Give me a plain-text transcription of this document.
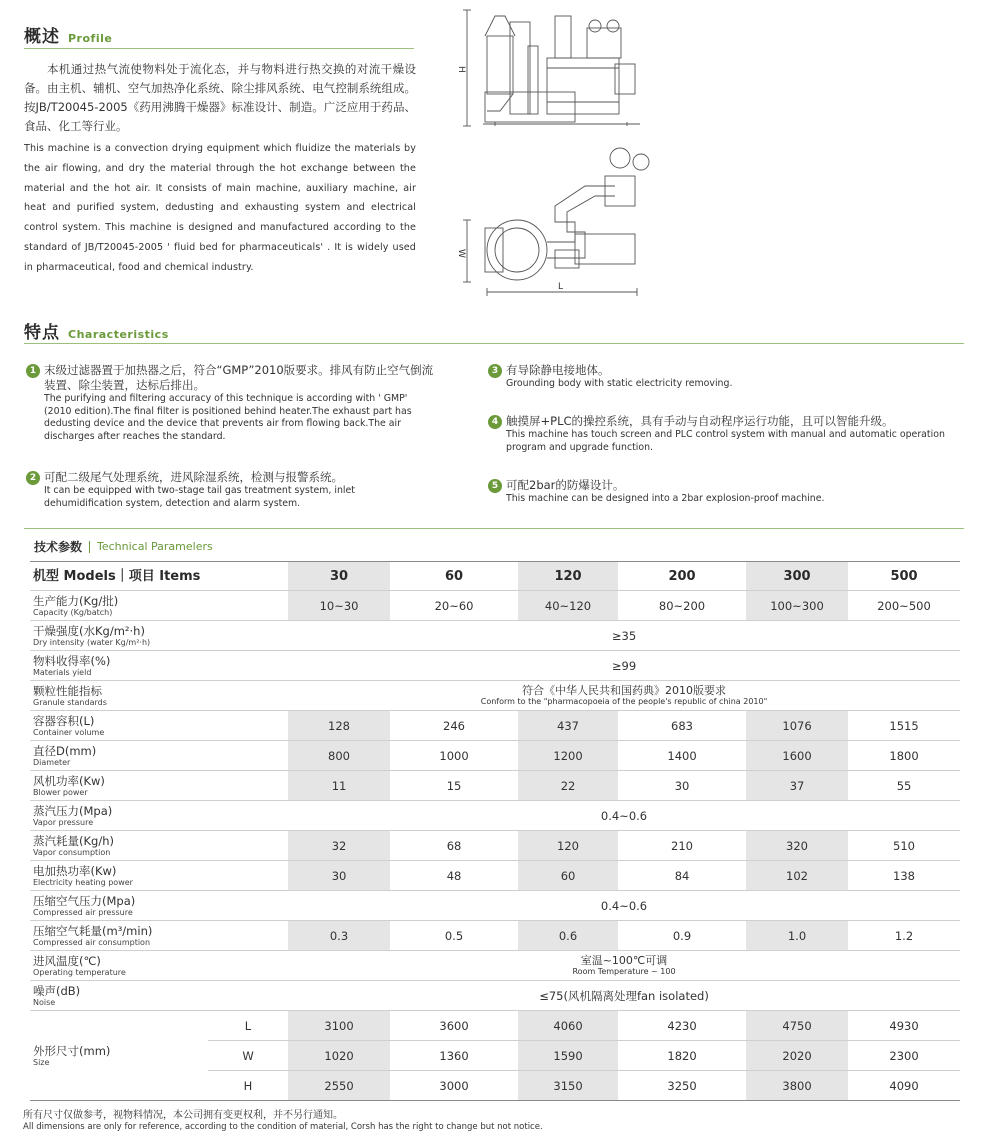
概述 Profile
本机通过热气流使物料处于流化态，并与物料进行热交换的对流干燥设备。由主机、辅机、空气加热净化系统、除尘排风系统、电气控制系统组成。按JB/T20045-2005《药用沸腾干燥器》标准设计、制造。广泛应用于药品、食品、化工等行业。
This machine is a convection drying equipment which fluidize the materials by the air flowing, and dry the material through the hot exchange between the material and the hot air. It consists of main machine, auxiliary machine, air heat and purified system, dedusting and exhausting system and electrical control system. This machine is designed and manufactured according to the standard of JB/T20045-2005 ' fluid bed for pharmaceuticals' . It is widely used in pharmaceutical, food and chemical industry.
H
W
L
特点 Characteristics
1 末级过滤器置于加热器之后，符合“GMP”2010版要求。排风有防止空气倒流装置、除尘装置，达标后排出。
The purifying and filtering accuracy of this technique is according with ' GMP' (2010 edition).The final filter is positioned behind heater.The exhaust part has dedusting device and the device that prevents air from flowing back.The air discharges after reaches the standard.
2 可配二级尾气处理系统，进风除湿系统，检测与报警系统。
It can be equipped with two-stage tail gas treatment system, inlet dehumidification system, detection and alarm system.
3 有导除静电接地体。
Grounding body with static electricity removing.
4 触摸屏+PLC的操控系统，具有手动与自动程序运行功能，且可以智能升级。
This machine has touch screen and PLC control system with manual and automatic operation program and upgrade function.
5 可配2bar的防爆设计。
This machine can be designed into a 2bar explosion-proof machine.
技术参数 Technical Paramelers
机型 Models｜项目 Items		30	60	120	200	300	500

生产能力(Kg/批)
Capacity (Kg/batch)		10~30	20~60	40~120	80~200	100~300	200~500

干燥强度(水Kg/m²·h)
Dry intensity (water Kg/m²·h)		≥35					

物料收得率(%)
Materials yield		≥99					

颗粒性能指标
Granule standards		符合《中华人民共和国药典》2010版要求
Conform to the "pharmacopoeia of the people's republic of china 2010"					

容器容积(L)
Container volume		128	246	437	683	1076	1515

直径D(mm)
Diameter		800	1000	1200	1400	1600	1800

风机功率(Kw)
Blower power		11	15	22	30	37	55

蒸汽压力(Mpa)
Vapor pressure		0.4~0.6					

蒸汽耗量(Kg/h)
Vapor consumption		32	68	120	210	320	510

电加热功率(Kw)
Electricity heating power		30	48	60	84	102	138

压缩空气压力(Mpa)
Compressed air pressure		0.4~0.6					

压缩空气耗量(m³/min)
Compressed air consumption		0.3	0.5	0.6	0.9	1.0	1.2

进风温度(℃)
Operating temperature		室温~100℃可调
Room Temperature ~ 100					

噪声(dB)
Noise		≤75(风机隔离处理fan isolated)					

外形尺寸(mm)
Size	L	3100	3600	4060	4230	4750	4930
	W	1020	1360	1590	1820	2020	2300
	H	2550	3000	3150	3250	3800	4090
所有尺寸仅做参考，视物料情况，本公司拥有变更权利，并不另行通知。
All dimensions are only for reference, according to the condition of material, Corsh has the right to change but not notice.
